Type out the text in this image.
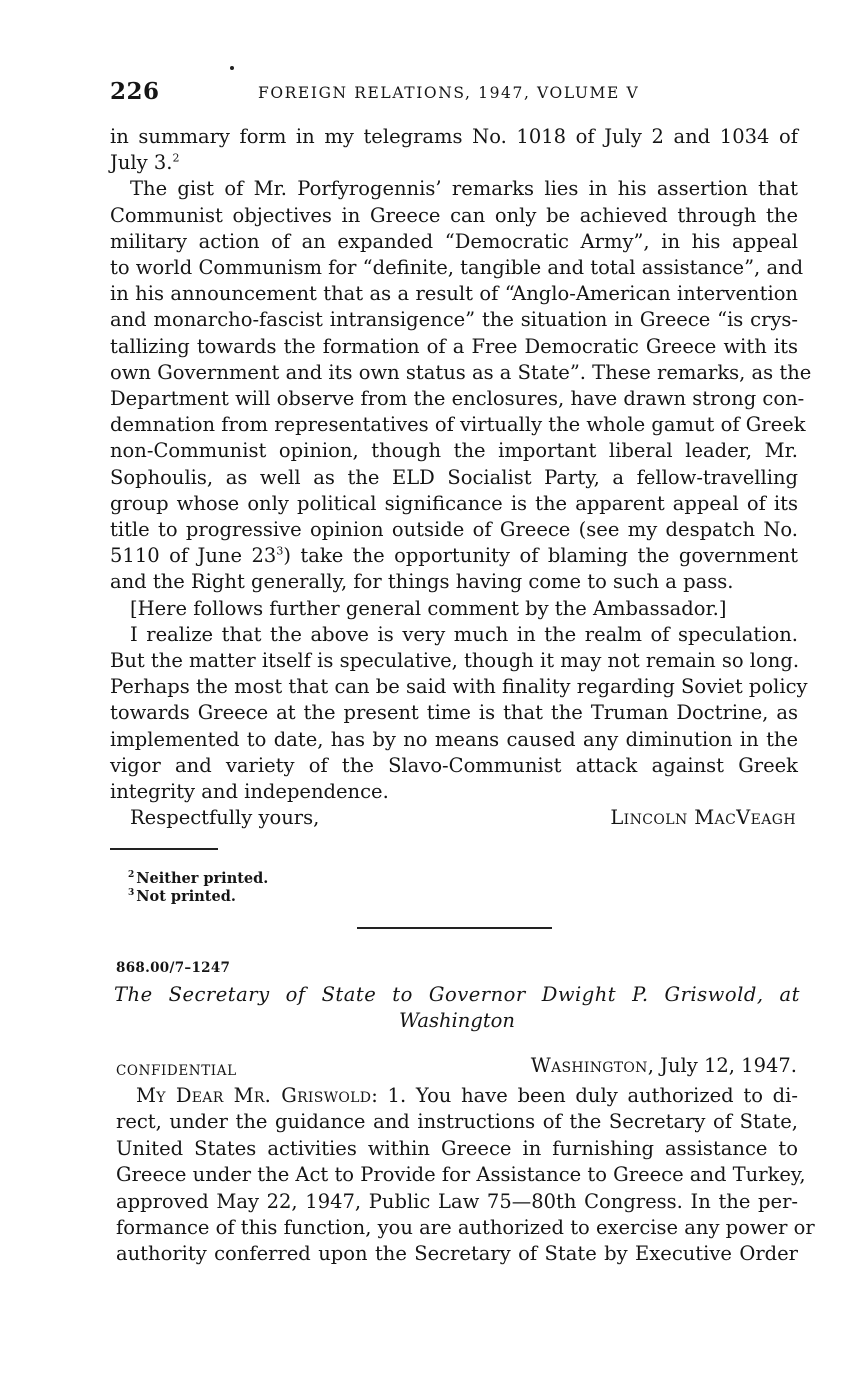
226	FOREIGN RELATIONS, 1947, VOLUME V
in summary form in my telegrams No. 1018 of July 2 and 1034 of
July 3.$^2$
The gist of Mr. Porfyrogennis’ remarks lies in his assertion that
Communist objectives in Greece can only be achieved through the
military action of an expanded “Democratic Army”, in his appeal
to world Communism for “definite, tangible and total assistance”, and
in his announcement that as a result of “Anglo-American intervention
and monarcho-fascist intransigence” the situation in Greece “is crys-
tallizing towards the formation of a Free Democratic Greece with its
own Government and its own status as a State”. These remarks, as the
Department will observe from the enclosures, have drawn strong con-
demnation from representatives of virtually the whole gamut of Greek
non-Communist opinion, though the important liberal leader, Mr.
Sophoulis, as well as the ELD Socialist Party, a fellow-travelling
group whose only political significance is the apparent appeal of its
title to progressive opinion outside of Greece (see my despatch No.
5110 of June $23^3$) take the opportunity of blaming the government
and the Right generally, for things having come to such a pass.
[Here follows further general comment by the Ambassador.]
I realize that the above is very much in the realm of speculation.
But the matter itself is speculative, though it may not remain so long.
Perhaps the most that can be said with finality regarding Soviet policy
towards Greece at the present time is that the Truman Doctrine, as
implemented to date, has by no means caused any diminution in the
vigor and variety of the Slavo-Communist attack against Greek
integrity and independence.
Respectfully yours,	Lincoln MacVeagh
$^2$ Neither printed.
$^3$ Not printed.
868.00/7–1247
The Secretary of State to Governor Dwight P. Griswold, at
Washington
CONFIDENTIAL	Washington, July 12, 1947.
My Dear Mr. Griswold: 1. You have been duly authorized to di-
rect, under the guidance and instructions of the Secretary of State,
United States activities within Greece in furnishing assistance to
Greece under the Act to Provide for Assistance to Greece and Turkey,
approved May 22, 1947, Public Law 75—80th Congress. In the per-
formance of this function, you are authorized to exercise any power or
authority conferred upon the Secretary of State by Executive Order
